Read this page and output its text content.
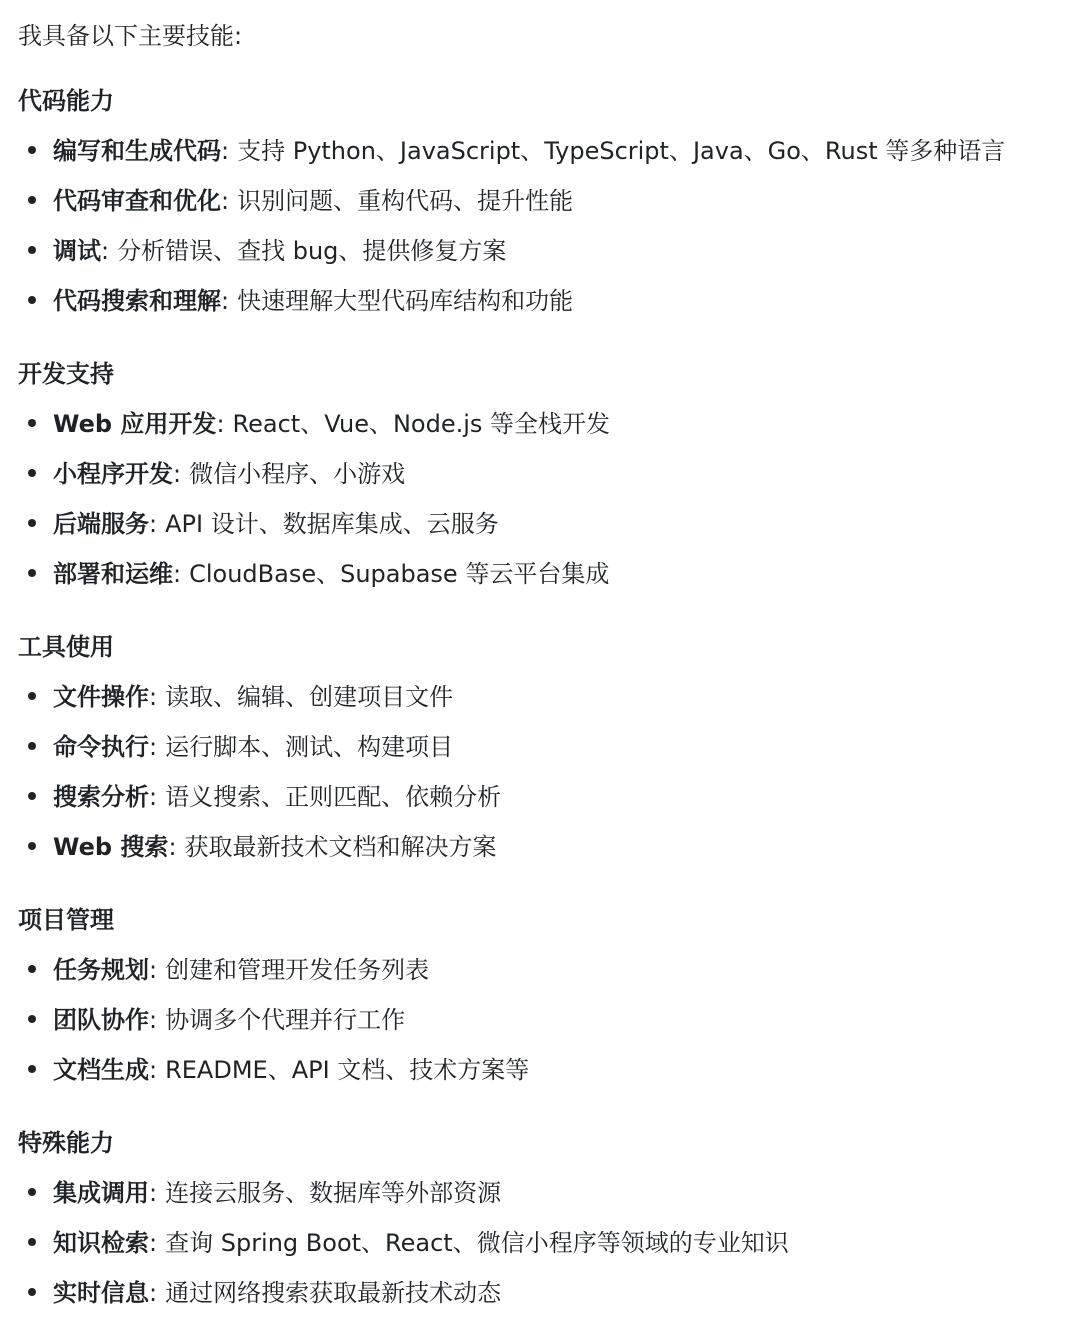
我具备以下主要技能:
代码能力
编写和生成代码: 支持 Python、JavaScript、TypeScript、Java、Go、Rust 等多种语言
代码审查和优化: 识别问题、重构代码、提升性能
调试: 分析错误、查找 bug、提供修复方案
代码搜索和理解: 快速理解大型代码库结构和功能
开发支持
Web 应用开发: React、Vue、Node.js 等全栈开发
小程序开发: 微信小程序、小游戏
后端服务: API 设计、数据库集成、云服务
部署和运维: CloudBase、Supabase 等云平台集成
工具使用
文件操作: 读取、编辑、创建项目文件
命令执行: 运行脚本、测试、构建项目
搜索分析: 语义搜索、正则匹配、依赖分析
Web 搜索: 获取最新技术文档和解决方案
项目管理
任务规划: 创建和管理开发任务列表
团队协作: 协调多个代理并行工作
文档生成: README、API 文档、技术方案等
特殊能力
集成调用: 连接云服务、数据库等外部资源
知识检索: 查询 Spring Boot、React、微信小程序等领域的专业知识
实时信息: 通过网络搜索获取最新技术动态
